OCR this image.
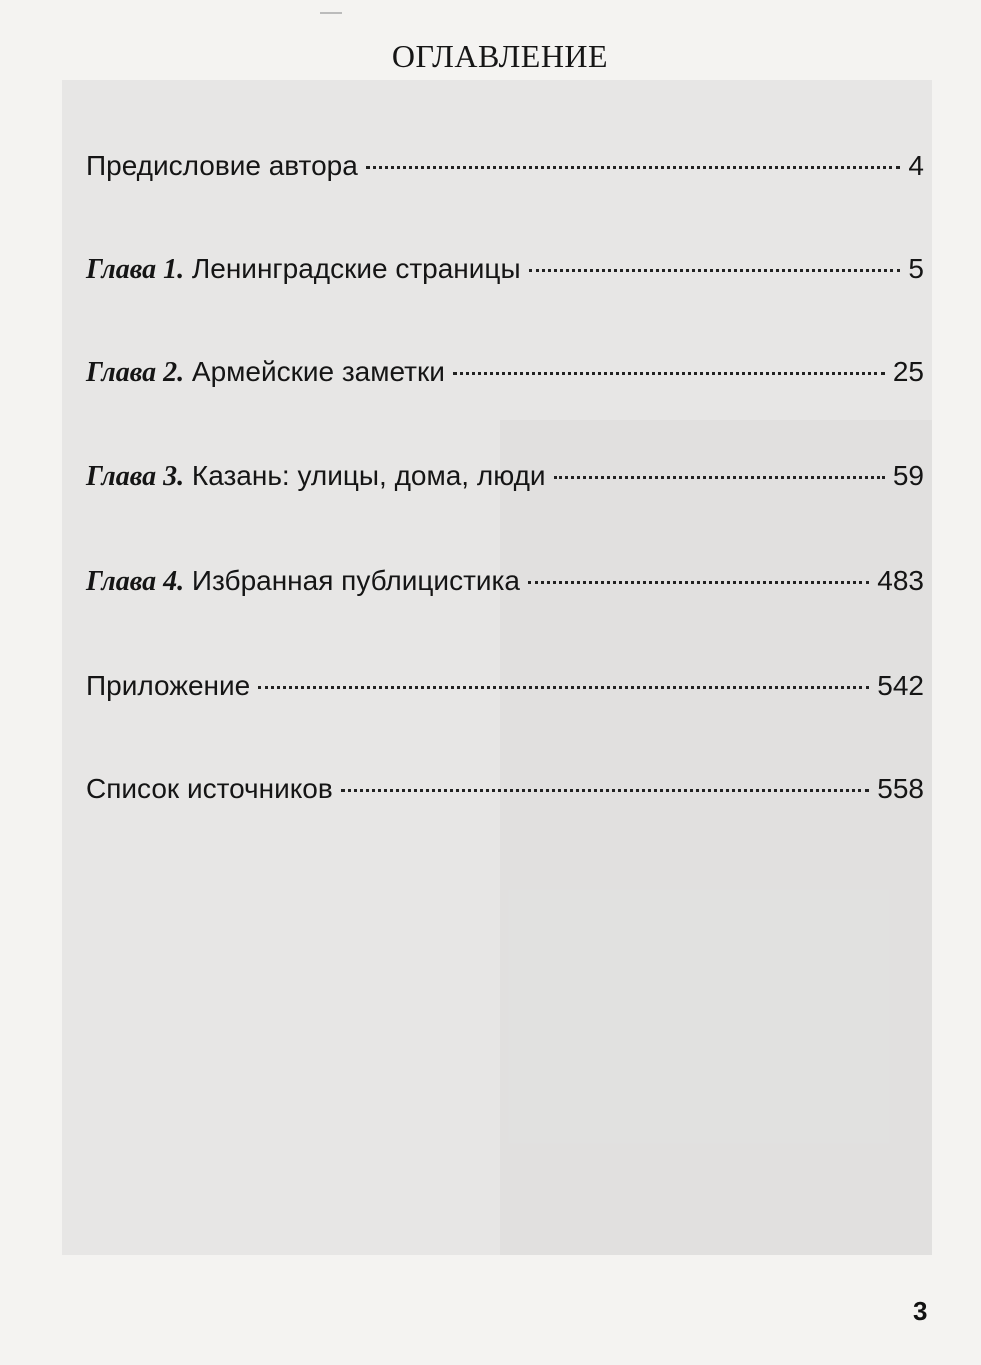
ОГЛАВЛЕНИЕ
Предисловие автора	4
Глава 1. Ленинградские страницы	5
Глава 2. Армейские заметки	25
Глава 3. Казань: улицы, дома, люди	59
Глава 4. Избранная публицистика	483
Приложение	542
Список источников	558
3
